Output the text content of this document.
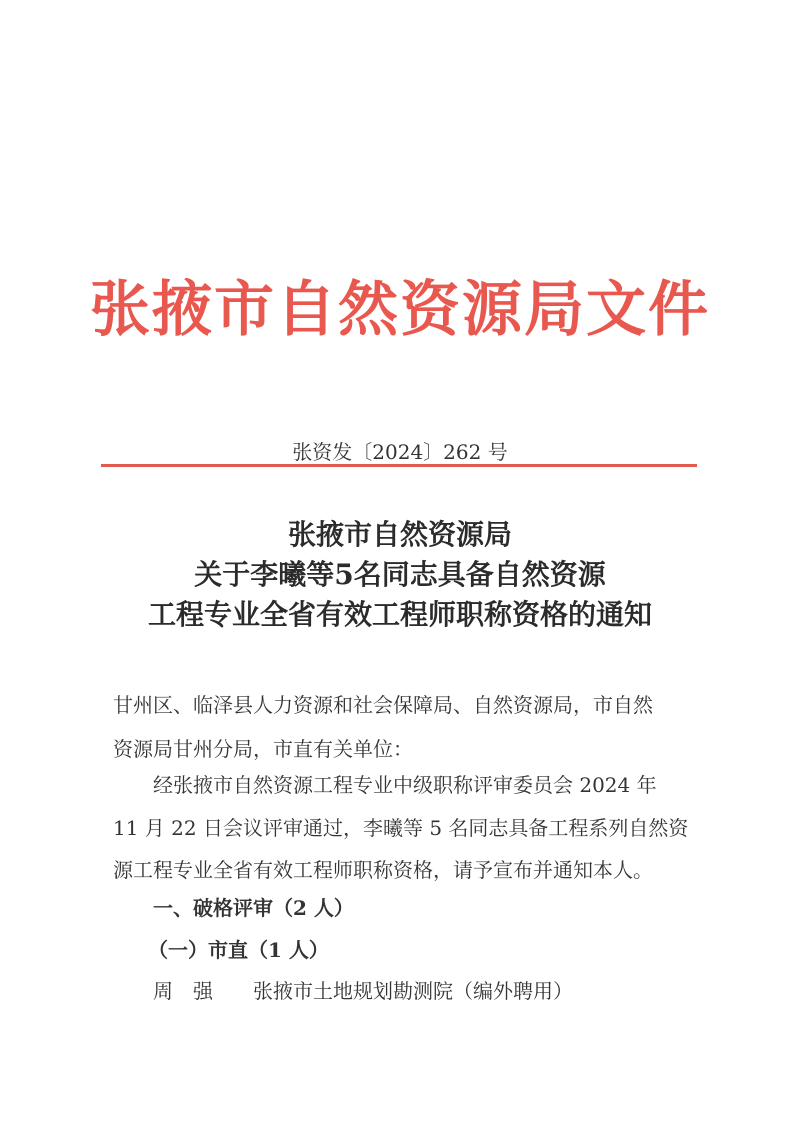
张掖市自然资源局文件
张资发〔2024〕262 号
张掖市自然资源局
关于李曦等5名同志具备自然资源
工程专业全省有效工程师职称资格的通知
甘州区、临泽县人力资源和社会保障局、自然资源局，市自然
资源局甘州分局，市直有关单位：
经张掖市自然资源工程专业中级职称评审委员会 2024 年
11 月 22 日会议评审通过，李曦等 5 名同志具备工程系列自然资
源工程专业全省有效工程师职称资格，请予宣布并通知本人。
一、破格评审（2 人）
（一）市直（1 人）
周　强 张掖市土地规划勘测院（编外聘用）
